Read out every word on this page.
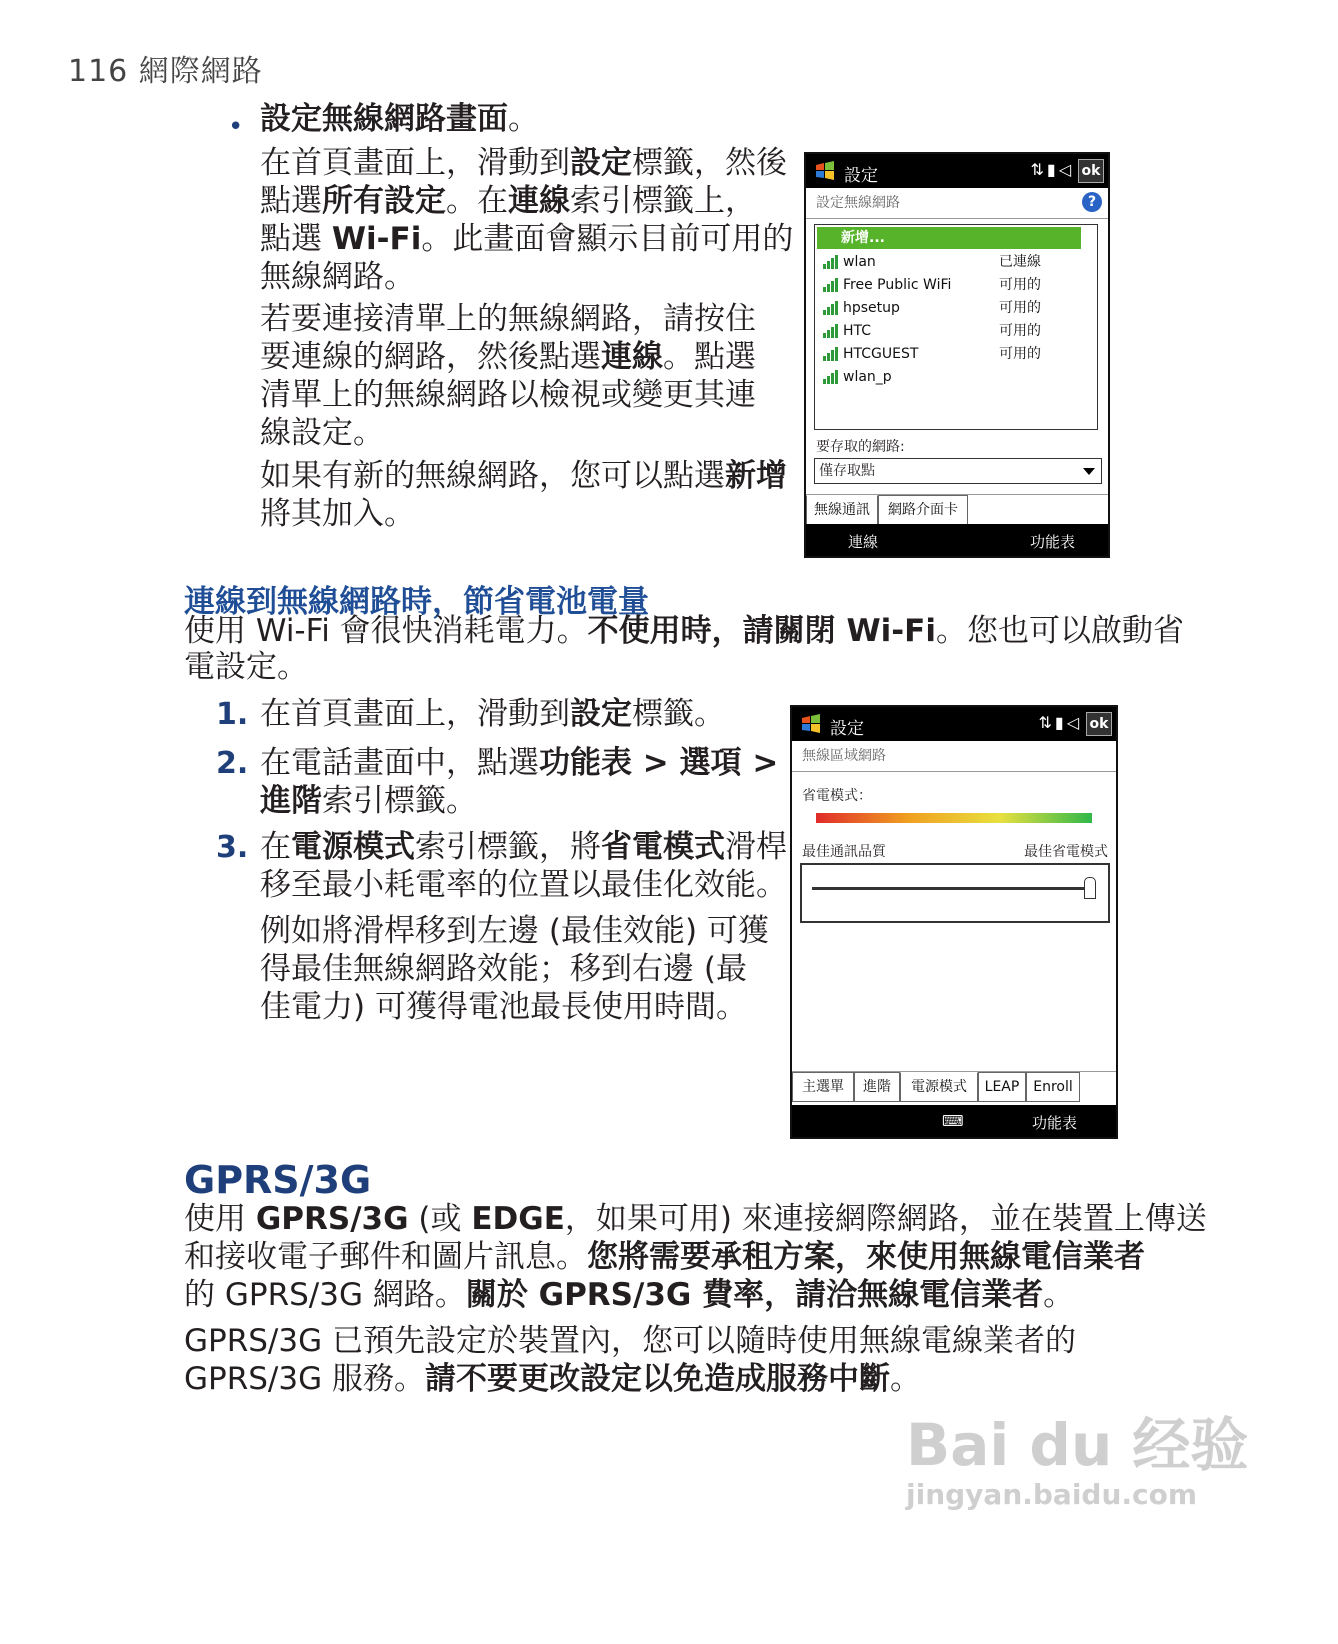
116 網際網路
• 設定無線網路畫面。
在首頁畫面上，滑動到設定標籤，然後
點選所有設定。在連線索引標籤上，
點選 Wi-Fi。此畫面會顯示目前可用的
無線網路。
若要連接清單上的無線網路，請按住
要連線的網路，然後點選連線。點選
清單上的無線網路以檢視或變更其連
線設定。
如果有新的無線網路，您可以點選新增
將其加入。
設定	⇅▮◁ ok
設定無線網路	?
新增...
wlan	已連線
Free Public WiFi	可用的
hpsetup	可用的
HTC	可用的
HTCGUEST	可用的
wlan_p
要存取的網路:
僅存取點
無線通訊	網路介面卡
連線	功能表
連線到無線網路時，節省電池電量
使用 Wi-Fi 會很快消耗電力。不使用時，請關閉 Wi-Fi。您也可以啟動省
電設定。
1. 在首頁畫面上，滑動到設定標籤。
2. 在電話畫面中，點選功能表 > 選項 >
進階索引標籤。
3. 在電源模式索引標籤，將省電模式滑桿
移至最小耗電率的位置以最佳化效能。
例如將滑桿移到左邊 (最佳效能) 可獲
得最佳無線網路效能；移到右邊 (最
佳電力) 可獲得電池最長使用時間。
設定	⇅▮◁ ok
無線區域網路
省電模式：
最佳通訊品質	最佳省電模式
主選單	進階	電源模式	LEAP Enroll
⌨	功能表
GPRS/3G
使用 GPRS/3G (或 EDGE，如果可用) 來連接網際網路，並在裝置上傳送
和接收電子郵件和圖片訊息。您將需要承租方案，來使用無線電信業者
的 GPRS/3G 網路。關於 GPRS/3G 費率，請洽無線電信業者。
GPRS/3G 已預先設定於裝置內，您可以隨時使用無線電線業者的
GPRS/3G 服務。請不要更改設定以免造成服務中斷。
Bai du 经验
jingyan.baidu.com
